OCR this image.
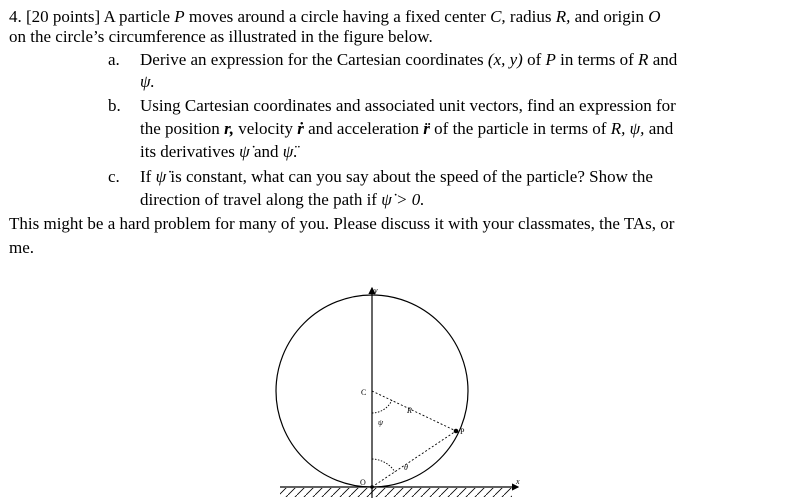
4. [20 points] A particle P moves around a circle having a fixed center C, radius R, and origin O
on the circle’s circumference as illustrated in the figure below.
a. Derive an expression for the Cartesian coordinates (x, y) of P in terms of R and
ψ.
b. Using Cartesian coordinates and associated unit vectors, find an expression for
the position r, velocity ṙ and acceleration r̈ of the particle in terms of R, ψ, and
its derivatives ψ̇ and ψ̈.
c. If ψ̇ is constant, what can you say about the speed of the particle? Show the
direction of travel along the path if ψ̇ > 0.
This might be a hard problem for many of you. Please discuss it with your classmates, the TAs, or
me.
y
x
C
O
P
R
ψ
θ
